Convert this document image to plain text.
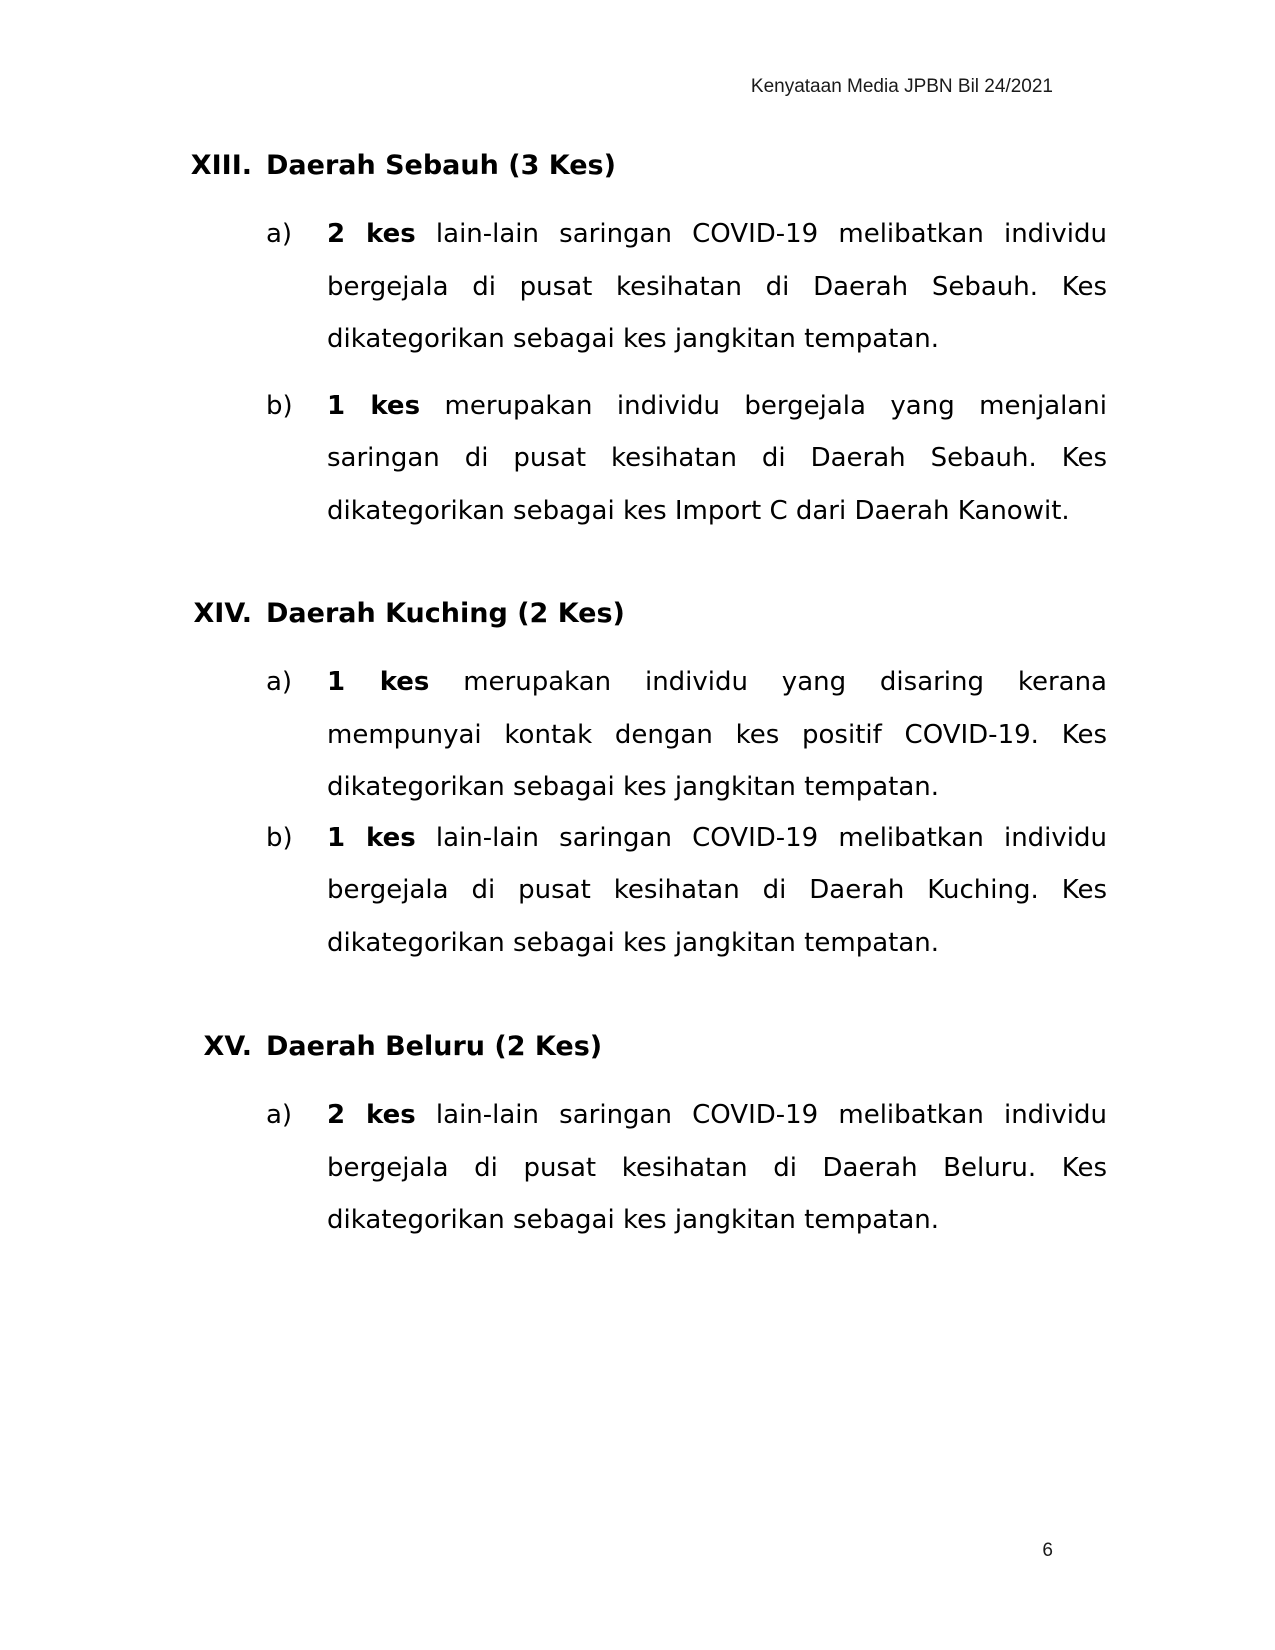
Kenyataan Media JPBN Bil 24/2021
XIII. Daerah Sebauh (3 Kes)
a) 2 kes lain-lain saringan COVID-19 melibatkan individu bergejala di pusat kesihatan di Daerah Sebauh. Kes dikategorikan sebagai kes jangkitan tempatan.
b) 1 kes merupakan individu bergejala yang menjalani saringan di pusat kesihatan di Daerah Sebauh. Kes dikategorikan sebagai kes Import C dari Daerah Kanowit.
XIV. Daerah Kuching (2 Kes)
a) 1 kes merupakan individu yang disaring kerana mempunyai kontak dengan kes positif COVID-19. Kes dikategorikan sebagai kes jangkitan tempatan.
b) 1 kes lain-lain saringan COVID-19 melibatkan individu bergejala di pusat kesihatan di Daerah Kuching. Kes dikategorikan sebagai kes jangkitan tempatan.
XV. Daerah Beluru (2 Kes)
a) 2 kes lain-lain saringan COVID-19 melibatkan individu bergejala di pusat kesihatan di Daerah Beluru. Kes dikategorikan sebagai kes jangkitan tempatan.
6
